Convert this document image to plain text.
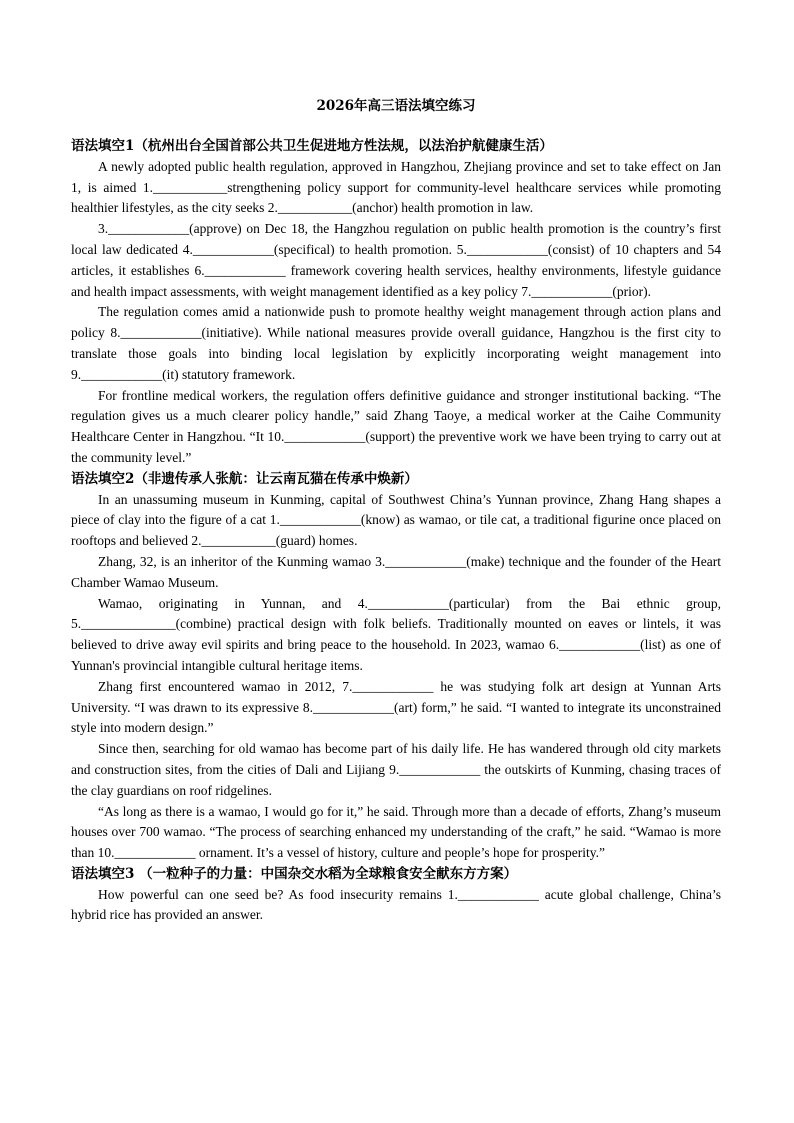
2026年高三语法填空练习
语法填空1（杭州出台全国首部公共卫生促进地方性法规，以法治护航健康生活）

A newly adopted public health regulation, approved in Hangzhou, Zhejiang province and set to take effect on Jan 1, is aimed 1.___________strengthening policy support for community-level healthcare services while promoting healthier lifestyles, as the city seeks 2.___________(anchor) health promotion in law.

3.____________(approve) on Dec 18, the Hangzhou regulation on public health promotion is the country’s first local law dedicated 4.____________(specifical) to health promotion. 5.____________(consist) of 10 chapters and 54 articles, it establishes 6.____________ framework covering health services, healthy environments, lifestyle guidance and health impact assessments, with weight management identified as a key policy 7.____________(prior).

The regulation comes amid a nationwide push to promote healthy weight management through action plans and policy 8.____________(initiative). While national measures provide overall guidance, Hangzhou is the first city to translate those goals into binding local legislation by explicitly incorporating weight management into 9.____________(it) statutory framework.

For frontline medical workers, the regulation offers definitive guidance and stronger institutional backing. “The regulation gives us a much clearer policy handle,” said Zhang Taoye, a medical worker at the Caihe Community Healthcare Center in Hangzhou. “It 10.____________(support) the preventive work we have been trying to carry out at the community level.”

语法填空2（非遗传承人张航：让云南瓦猫在传承中焕新）

In an unassuming museum in Kunming, capital of Southwest China’s Yunnan province, Zhang Hang shapes a piece of clay into the figure of a cat 1.____________(know) as wamao, or tile cat, a traditional figurine once placed on rooftops and believed 2.___________(guard) homes.

Zhang, 32, is an inheritor of the Kunming wamao 3.____________(make) technique and the founder of the Heart Chamber Wamao Museum.

Wamao, originating in Yunnan, and 4.____________(particular) from the Bai ethnic group, 5.______________(combine) practical design with folk beliefs. Traditionally mounted on eaves or lintels, it was believed to drive away evil spirits and bring peace to the household. In 2023, wamao 6.____________(list) as one of Yunnan's provincial intangible cultural heritage items.

Zhang first encountered wamao in 2012, 7.____________ he was studying folk art design at Yunnan Arts University. “I was drawn to its expressive 8.____________(art) form,” he said. “I wanted to integrate its unconstrained style into modern design.”

Since then, searching for old wamao has become part of his daily life. He has wandered through old city markets and construction sites, from the cities of Dali and Lijiang 9.____________ the outskirts of Kunming, chasing traces of the clay guardians on roof ridgelines.

“As long as there is a wamao, I would go for it,” he said. Through more than a decade of efforts, Zhang’s museum houses over 700 wamao. “The process of searching enhanced my understanding of the craft,” he said. “Wamao is more than 10.____________ ornament. It’s a vessel of history, culture and people’s hope for prosperity.”

语法填空3 （一粒种子的力量：中国杂交水稻为全球粮食安全献东方方案）

How powerful can one seed be? As food insecurity remains 1.____________ acute global challenge, China’s hybrid rice has provided an answer.
